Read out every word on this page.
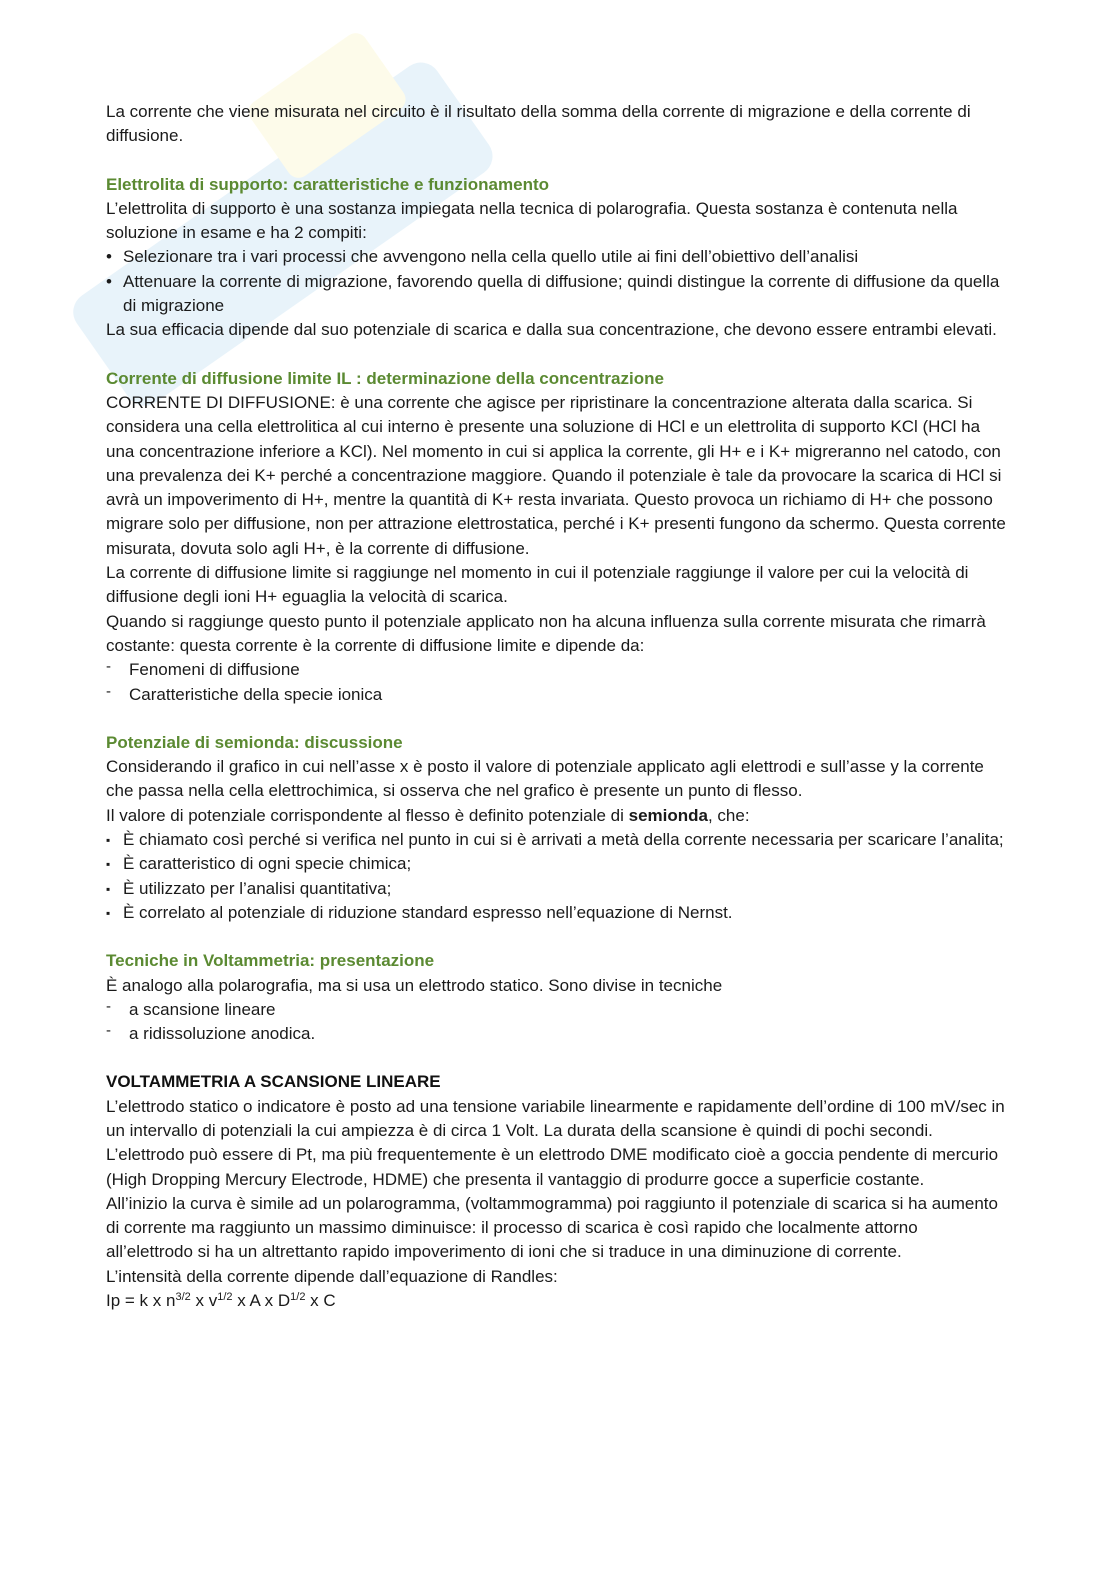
La corrente che viene misurata nel circuito è il risultato della somma della corrente di migrazione e della corrente di diffusione.

Elettrolita di supporto: caratteristiche e funzionamento

L’elettrolita di supporto è una sostanza impiegata nella tecnica di polarografia. Questa sostanza è contenuta nella soluzione in esame e ha 2 compiti:

• Selezionare tra i vari processi che avvengono nella cella quello utile ai fini dell’obiettivo dell’analisi
• Attenuare la corrente di migrazione, favorendo quella di diffusione; quindi distingue la corrente di diffusione da quella di migrazione

La sua efficacia dipende dal suo potenziale di scarica e dalla sua concentrazione, che devono essere entrambi elevati.

Corrente di diffusione limite IL : determinazione della concentrazione

CORRENTE DI DIFFUSIONE: è una corrente che agisce per ripristinare la concentrazione alterata dalla scarica. Si considera una cella elettrolitica al cui interno è presente una soluzione di HCl e un elettrolita di supporto KCl (HCl ha una concentrazione inferiore a KCl). Nel momento in cui si applica la corrente, gli H+ e i K+ migreranno nel catodo, con una prevalenza dei K+ perché a concentrazione maggiore. Quando il potenziale è tale da provocare la scarica di HCl si avrà un impoverimento di H+, mentre la quantità di K+ resta invariata. Questo provoca un richiamo di H+ che possono migrare solo per diffusione, non per attrazione elettrostatica, perché i K+ presenti fungono da schermo. Questa corrente misurata, dovuta solo agli H+, è la corrente di diffusione.

La corrente di diffusione limite si raggiunge nel momento in cui il potenziale raggiunge il valore per cui la velocità di diffusione degli ioni H+ eguaglia la velocità di scarica.

Quando si raggiunge questo punto il potenziale applicato non ha alcuna influenza sulla corrente misurata che rimarrà costante: questa corrente è la corrente di diffusione limite e dipende da:

- Fenomeni di diffusione
- Caratteristiche della specie ionica

Potenziale di semionda: discussione

Considerando il grafico in cui nell’asse x è posto il valore di potenziale applicato agli elettrodi e sull’asse y la corrente che passa nella cella elettrochimica, si osserva che nel grafico è presente un punto di flesso.

Il valore di potenziale corrispondente al flesso è definito potenziale di semionda, che:

▪ È chiamato così perché si verifica nel punto in cui si è arrivati a metà della corrente necessaria per scaricare l’analita;
▪ È caratteristico di ogni specie chimica;
▪ È utilizzato per l’analisi quantitativa;
▪ È correlato al potenziale di riduzione standard espresso nell’equazione di Nernst.

Tecniche in Voltammetria: presentazione

È analogo alla polarografia, ma si usa un elettrodo statico. Sono divise in tecniche

- a scansione lineare
- a ridissoluzione anodica.

VOLTAMMETRIA A SCANSIONE LINEARE

L’elettrodo statico o indicatore è posto ad una tensione variabile linearmente e rapidamente dell’ordine di 100 mV/sec in un intervallo di potenziali la cui ampiezza è di circa 1 Volt. La durata della scansione è quindi di pochi secondi.

L’elettrodo può essere di Pt, ma più frequentemente è un elettrodo DME modificato cioè a goccia pendente di mercurio (High Dropping Mercury Electrode, HDME) che presenta il vantaggio di produrre gocce a superficie costante.

All’inizio la curva è simile ad un polarogramma, (voltammogramma) poi raggiunto il potenziale di scarica si ha aumento di corrente ma raggiunto un massimo diminuisce: il processo di scarica è così rapido che localmente attorno all’elettrodo si ha un altrettanto rapido impoverimento di ioni che si traduce in una diminuzione di corrente.

L’intensità della corrente dipende dall’equazione di Randles:

Ip = k x $n^{3/2}$ x $v^{1/2}$ x A x $D^{1/2}$ x C
